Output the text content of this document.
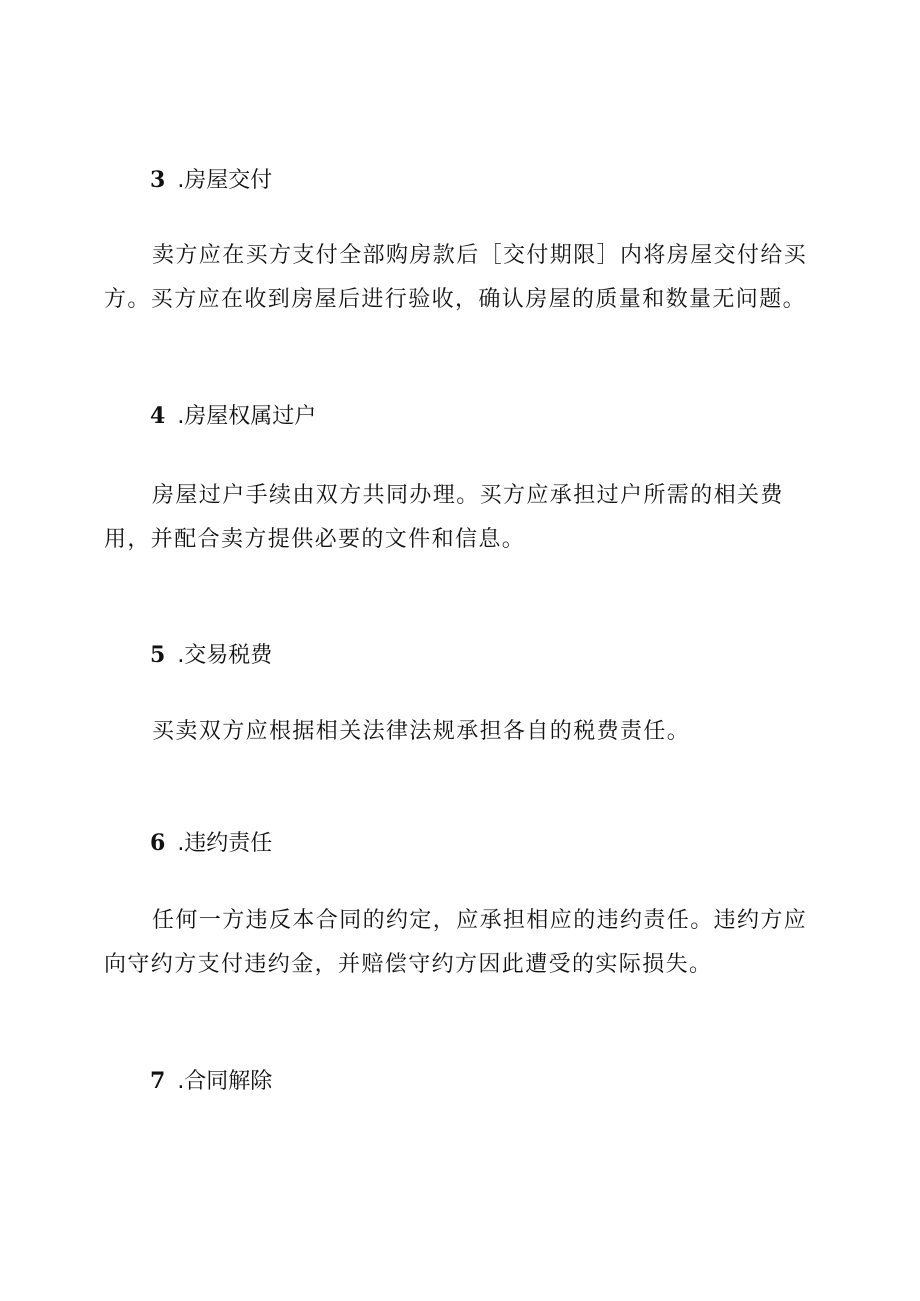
3 .房屋交付

卖方应在买方支付全部购房款后［交付期限］内将房屋交付给买方。买方应在收到房屋后进行验收，确认房屋的质量和数量无问题。

4 .房屋权属过户

房屋过户手续由双方共同办理。买方应承担过户所需的相关费用，并配合卖方提供必要的文件和信息。

5 .交易税费

买卖双方应根据相关法律法规承担各自的税费责任。

6 .违约责任

任何一方违反本合同的约定，应承担相应的违约责任。违约方应向守约方支付违约金，并赔偿守约方因此遭受的实际损失。

7 .合同解除
